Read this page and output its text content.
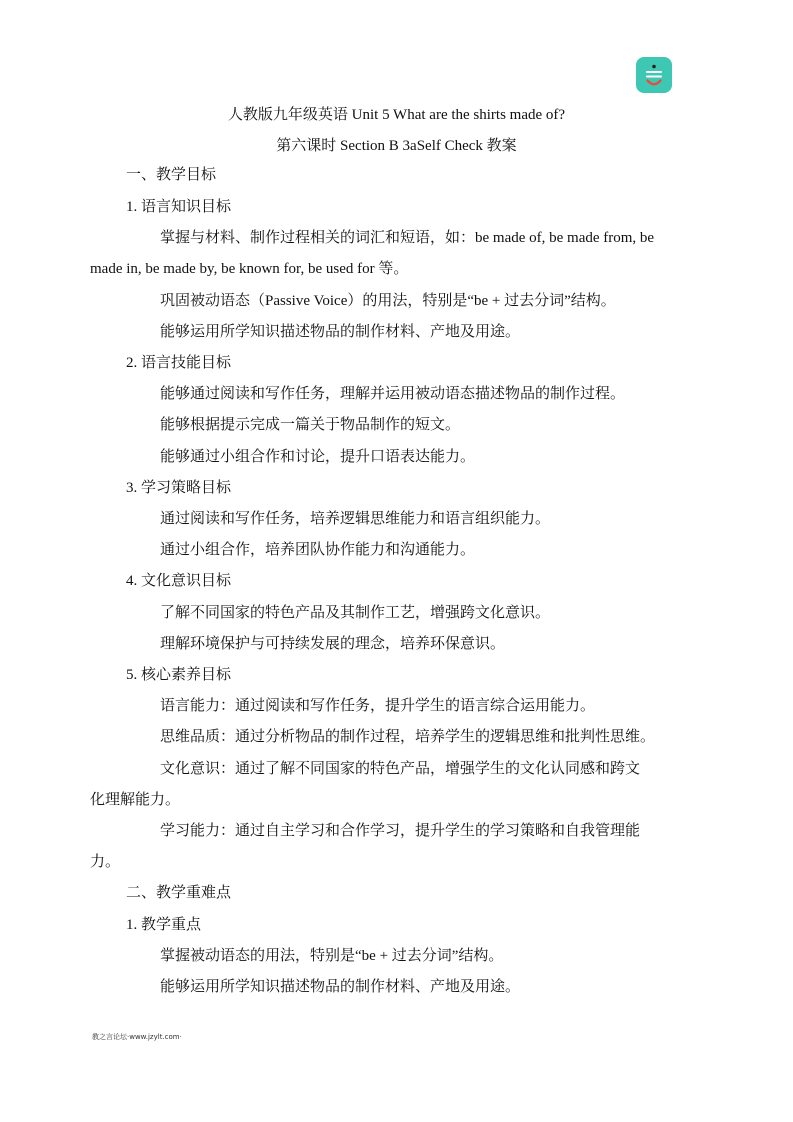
人教版九年级英语 Unit 5 What are the shirts made of?
第六课时 Section B 3aSelf Check 教案
一、教学目标
1. 语言知识目标
掌握与材料、制作过程相关的词汇和短语，如：be made of, be made from, be
made in, be made by, be known for, be used for 等。
巩固被动语态（Passive Voice）的用法，特别是“be + 过去分词”结构。
能够运用所学知识描述物品的制作材料、产地及用途。
2. 语言技能目标
能够通过阅读和写作任务，理解并运用被动语态描述物品的制作过程。
能够根据提示完成一篇关于物品制作的短文。
能够通过小组合作和讨论，提升口语表达能力。
3. 学习策略目标
通过阅读和写作任务，培养逻辑思维能力和语言组织能力。
通过小组合作，培养团队协作能力和沟通能力。
4. 文化意识目标
了解不同国家的特色产品及其制作工艺，增强跨文化意识。
理解环境保护与可持续发展的理念，培养环保意识。
5. 核心素养目标
语言能力：通过阅读和写作任务，提升学生的语言综合运用能力。
思维品质：通过分析物品的制作过程，培养学生的逻辑思维和批判性思维。
文化意识：通过了解不同国家的特色产品，增强学生的文化认同感和跨文
化理解能力。
学习能力：通过自主学习和合作学习，提升学生的学习策略和自我管理能
力。
二、教学重难点
1. 教学重点
掌握被动语态的用法，特别是“be + 过去分词”结构。
能够运用所学知识描述物品的制作材料、产地及用途。
教之言论坛·www.jzylt.com·
